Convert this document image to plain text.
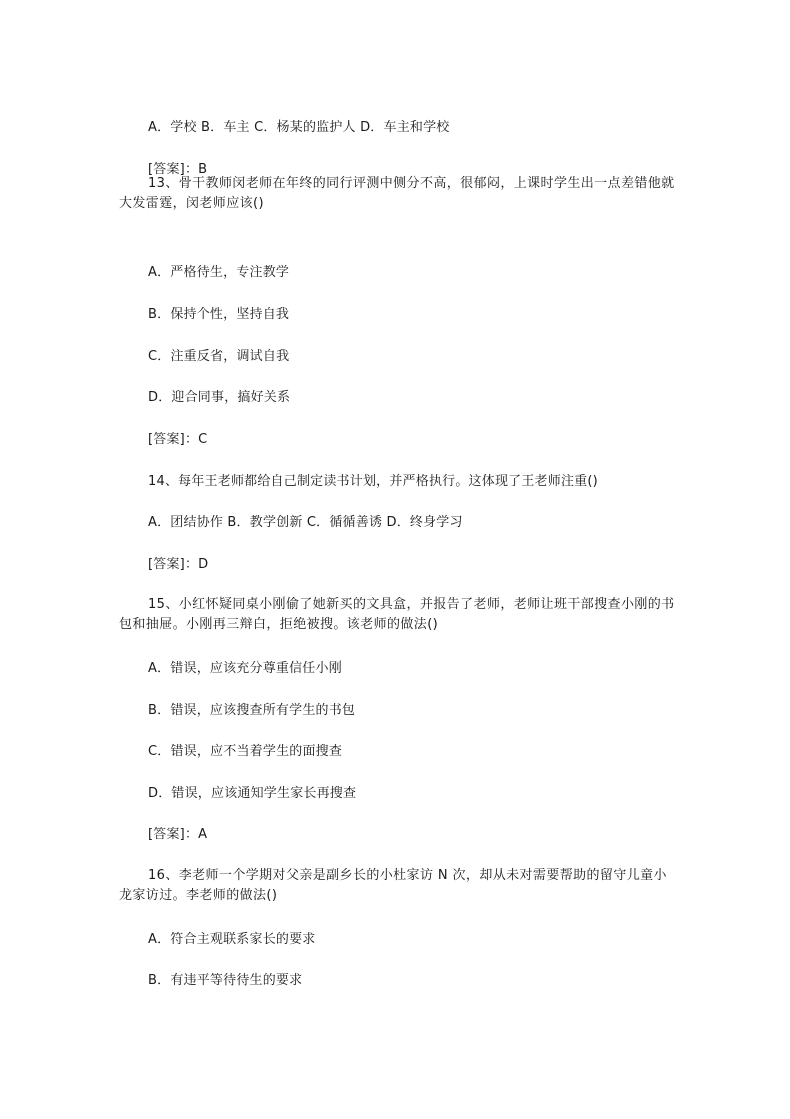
A．学校 B．车主 C．杨某的监护人 D．车主和学校
[答案]：B
13、骨干教师闵老师在年终的同行评测中侧分不高，很郁闷，上课时学生出一点差错他就大发雷霆，闵老师应该()
A．严格待生，专注教学
B．保持个性，坚持自我
C．注重反省，调试自我
D．迎合同事，搞好关系
[答案]：C
14、每年王老师都给自己制定读书计划，并严格执行。这体现了王老师注重()
A．团结协作 B．教学创新 C．循循善诱 D．终身学习
[答案]：D
15、小红怀疑同桌小刚偷了她新买的文具盒，并报告了老师，老师让班干部搜查小刚的书包和抽屉。小刚再三辩白，拒绝被搜。该老师的做法()
A．错误，应该充分尊重信任小刚
B．错误，应该搜查所有学生的书包
C．错误，应不当着学生的面搜查
D．错误，应该通知学生家长再搜查
[答案]：A
16、李老师一个学期对父亲是副乡长的小杜家访 N 次，却从未对需要帮助的留守儿童小龙家访过。李老师的做法()
A．符合主观联系家长的要求
B．有违平等待待生的要求
